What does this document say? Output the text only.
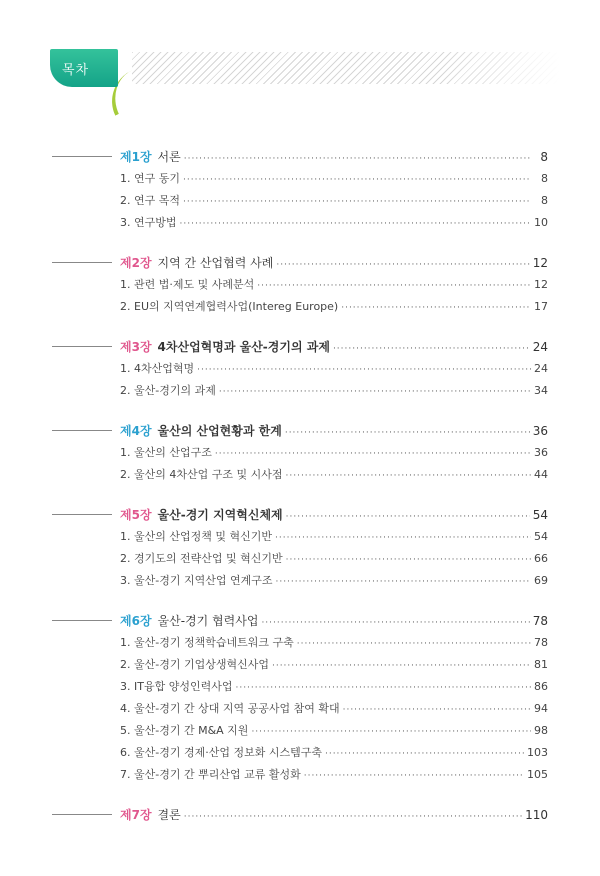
목차
제1장 서론 ·····	8
1. 연구 동기 ·····	8
2. 연구 목적 ·····	8
3. 연구방법 ·····	10
제2장 지역 간 산업협력 사례 ·····	12
1. 관련 법·제도 및 사례분석 ·····	12
2. EU의 지역연계협력사업(Intereg Europe) ·····	17
제3장 4차산업혁명과 울산-경기의 과제 ·····	24
1. 4차산업혁명 ·····	24
2. 울산-경기의 과제 ·····	34
제4장 울산의 산업현황과 한계 ·····	36
1. 울산의 산업구조 ·····	36
2. 울산의 4차산업 구조 및 시사점 ·····	44
제5장 울산-경기 지역혁신체제 ·····	54
1. 울산의 산업정책 및 혁신기반 ·····	54
2. 경기도의 전략산업 및 혁신기반 ·····	66
3. 울산-경기 지역산업 연계구조 ·····	69
제6장 울산-경기 협력사업 ·····	78
1. 울산-경기 정책학습네트워크 구축 ·····	78
2. 울산-경기 기업상생혁신사업 ·····	81
3. IT융합 양성인력사업 ·····	86
4. 울산-경기 간 상대 지역 공공사업 참여 확대 ·····	94
5. 울산-경기 간 M&A 지원 ·····	98
6. 울산-경기 경제·산업 정보화 시스템구축 ·····	103
7. 울산-경기 간 뿌리산업 교류 활성화 ·····	105
제7장 결론 ·····	110
